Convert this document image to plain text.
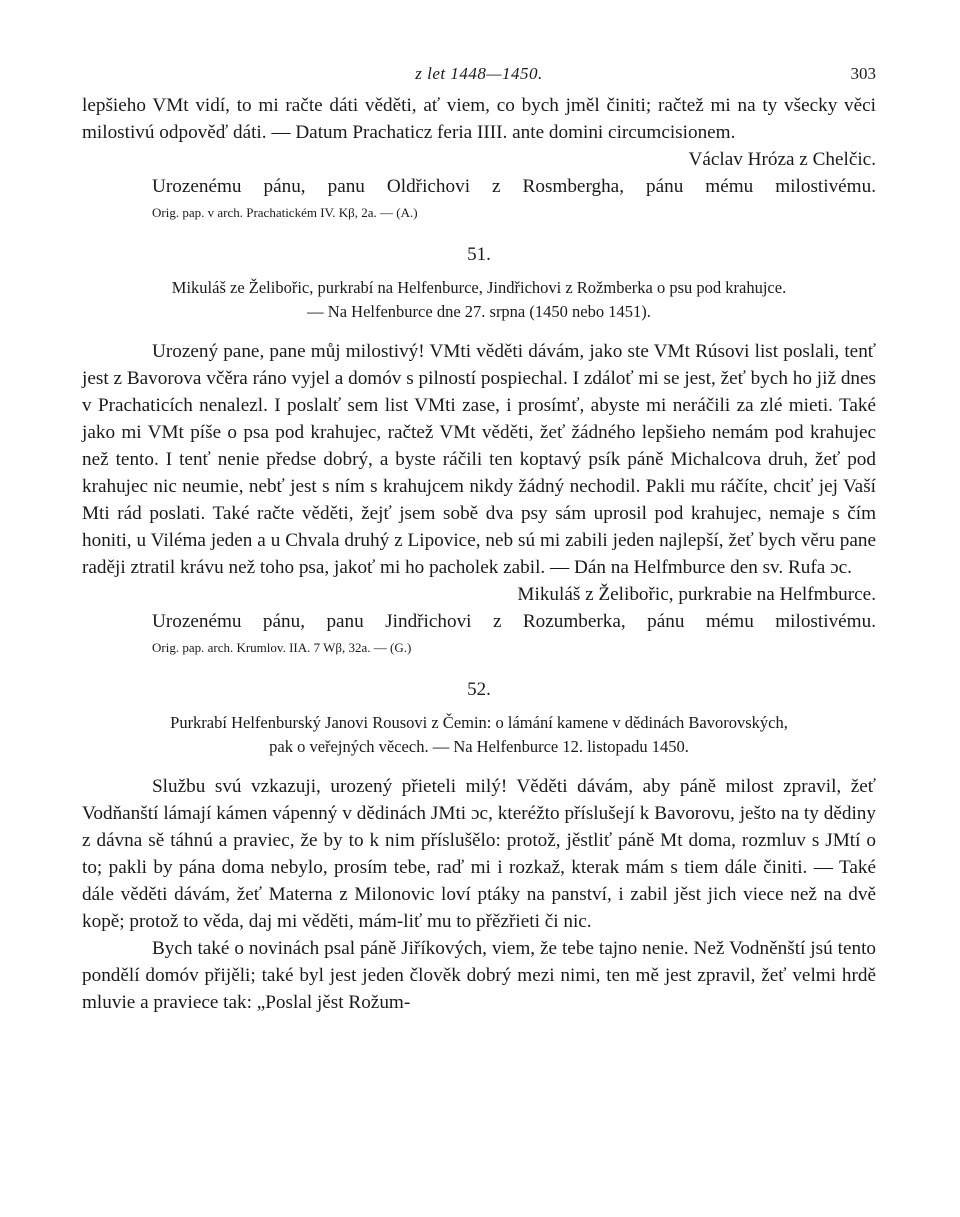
z let 1448—1450.	303

lepšieho VMt vidí, to mi račte dáti věděti, ať viem, co bych jměl činiti; račtež mi na ty všecky věci milostivú odpověď dáti. — Datum Prachaticz feria IIII. ante domini circumcisionem.

Václav Hróza z Chelčic.

Urozenému pánu, panu Oldřichovi z Rosmbergha, pánu mému milostivému.

Orig. pap. v arch. Prachatickém IV. Kβ, 2a. — (A.)
51.
Mikuláš ze Želibořic, purkrabí na Helfenburce, Jindřichovi z Rožmberka o psu pod krahujce.
— Na Helfenburce dne 27. srpna (1450 nebo 1451).

Urozený pane, pane můj milostivý! VMti věděti dávám, jako ste VMt Rúsovi list poslali, tenť jest z Bavorova včěra ráno vyjel a domóv s pilností pospiechal. I zdáloť mi se jest, žeť bych ho již dnes v Prachaticích nenalezl. I poslalť sem list VMti zase, i prosímť, abyste mi neráčili za zlé mieti. Také jako mi VMt píše o psa pod krahujec, račtež VMt věděti, žeť žádného lepšieho nemám pod krahujec než tento. I tenť nenie předse dobrý, a byste ráčili ten koptavý psík páně Michalcova druh, žeť pod krahujec nic neumie, nebť jest s ním s krahujcem nikdy žádný nechodil. Pakli mu ráčíte, chciť jej Vaší Mti rád poslati. Také račte věděti, žejť jsem sobě dva psy sám uprosil pod krahujec, nemaje s čím honiti, u Viléma jeden a u Chvala druhý z Lipovice, neb sú mi zabili jeden najlepší, žeť bych věru pane raději ztratil krávu než toho psa, jakoť mi ho pacholek zabil. — Dán na Helfmburce den sv. Rufa ɔc.

Mikuláš z Želibořic, purkrabie na Helfmburce.

Urozenému pánu, panu Jindřichovi z Rozumberka, pánu mému milostivému.

Orig. pap. arch. Krumlov. IIA. 7 Wβ, 32a. — (G.)
52.
Purkrabí Helfenburský Janovi Rousovi z Čemin: o lámání kamene v dědinách Bavorovských,
pak o veřejných věcech. — Na Helfenburce 12. listopadu 1450.

Službu svú vzkazuji, urozený přieteli milý! Věděti dávám, aby páně milost zpravil, žeť Vodňanští lámají kámen vápenný v dědinách JMti ɔc, kteréžto příslušejí k Bavorovu, ješto na ty dědiny z dávna sě táhnú a praviec, že by to k nim příslušělo: protož, jěstliť páně Mt doma, rozmluv s JMtí o to; pakli by pána doma nebylo, prosím tebe, raď mi i rozkaž, kterak mám s tiem dále činiti. — Také dále věděti dávám, žeť Materna z Milonovic loví ptáky na panství, i zabil jěst jich viece než na dvě kopě; protož to věda, daj mi věděti, mám-liť mu to přězřieti či nic.

Bych také o novinách psal páně Jiříkových, viem, že tebe tajno nenie. Než Vodněnští jsú tento pondělí domóv přijěli; také byl jest jeden člověk dobrý mezi nimi, ten mě jest zpravil, žeť velmi hrdě mluvie a praviece tak: „Poslal jěst Rožum-
